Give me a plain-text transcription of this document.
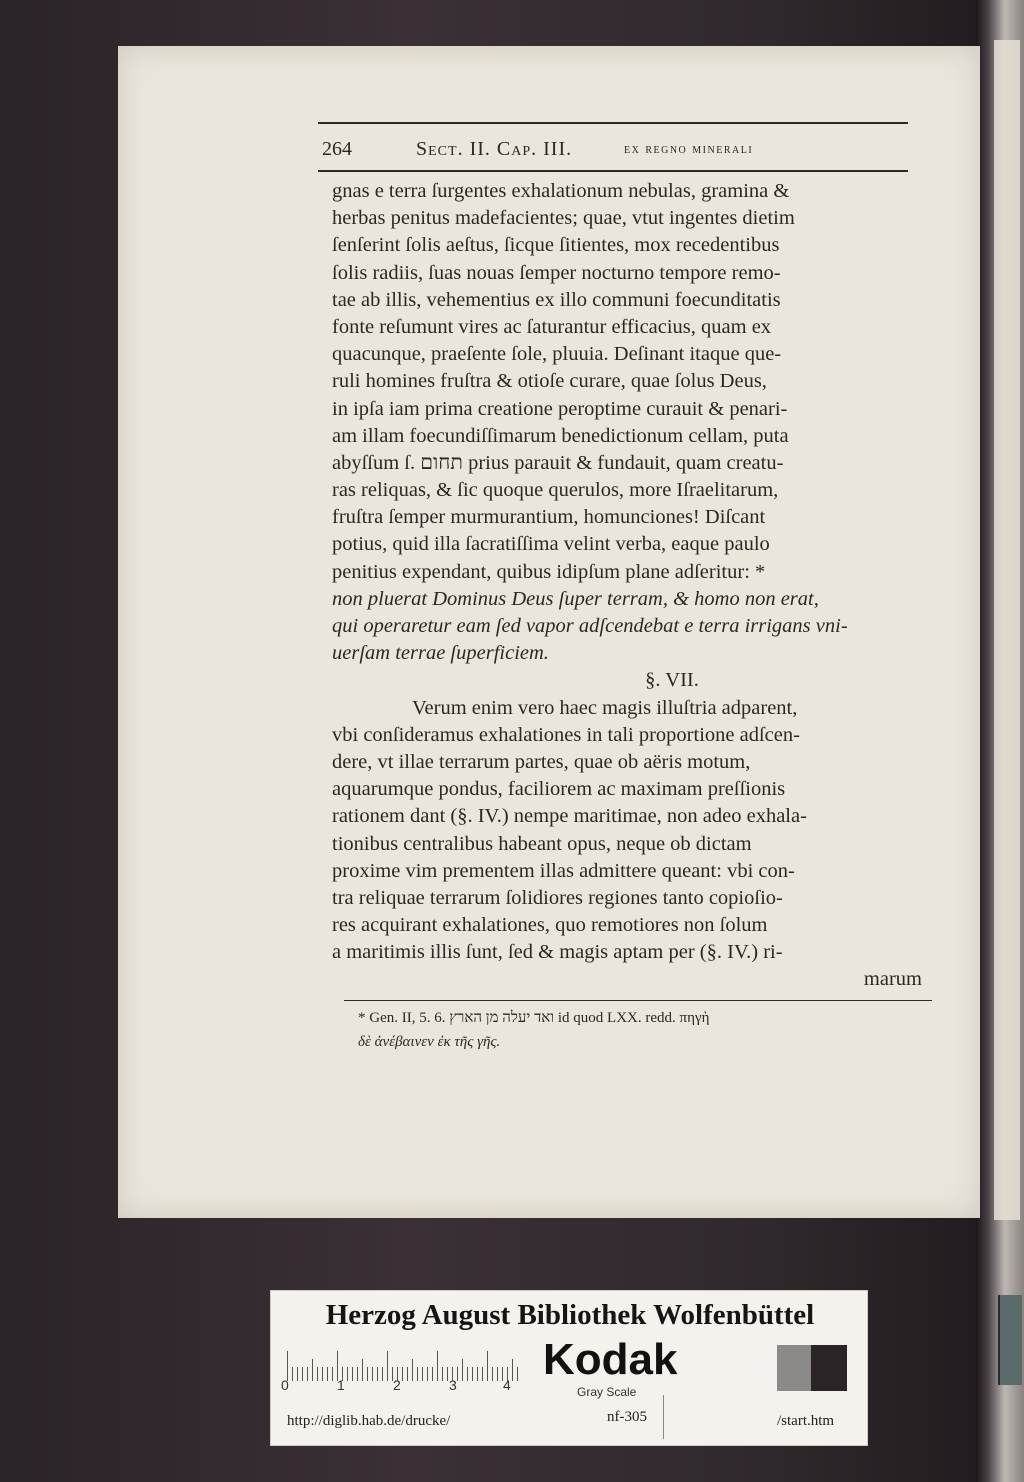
264	Sect. II. Cap. III.	ex regno minerali
gnas e terra ſurgentes exhalationum nebulas, gramina &
herbas penitus madefacientes; quae, vtut ingentes dietim
ſenſerint ſolis aeſtus, ſicque ſitientes, mox recedentibus
ſolis radiis, ſuas nouas ſemper nocturno tempore remo-
tae ab illis, vehementius ex illo communi foecunditatis
fonte reſumunt vires ac ſaturantur efficacius, quam ex
quacunque, praeſente ſole, pluuia. Deſinant itaque que-
ruli homines fruſtra & otioſe curare, quae ſolus Deus,
in ipſa iam prima creatione peroptime curauit & penari-
am illam foecundiſſimarum benedictionum cellam, puta
abyſſum ſ. תחום prius parauit & fundauit, quam creatu-
ras reliquas, & ſic quoque querulos, more Iſraelitarum,
fruſtra ſemper murmurantium, homunciones! Diſcant
potius, quid illa ſacratiſſima velint verba, eaque paulo
penitius expendant, quibus idipſum plane adſeritur: *
non pluerat Dominus Deus ſuper terram, & homo non erat,
qui operaretur eam ſed vapor adſcendebat e terra irrigans vni-
uerſam terrae ſuperficiem.
§. VII.
Verum enim vero haec magis illuſtria adparent,
vbi conſideramus exhalationes in tali proportione adſcen-
dere, vt illae terrarum partes, quae ob aëris motum,
aquarumque pondus, faciliorem ac maximam preſſionis
rationem dant (§. IV.) nempe maritimae, non adeo exhala-
tionibus centralibus habeant opus, neque ob dictam
proxime vim prementem illas admittere queant: vbi con-
tra reliquae terrarum ſolidiores regiones tanto copioſio-
res acquirant exhalationes, quo remotiores non ſolum
a maritimis illis ſunt, ſed & magis aptam per (§. IV.) ri-
marum
* Gen. II, 5. 6. ואד יעלה מן הארץ id quod LXX. redd. πηγὴ
δὲ ἀνέβαινεν ἐκ τῆς γῆς.
Herzog August Bibliothek Wolfenbüttel
0	1	2	3	4
Kodak
Gray Scale
http://diglib.hab.de/drucke/	nf-305	/start.htm
